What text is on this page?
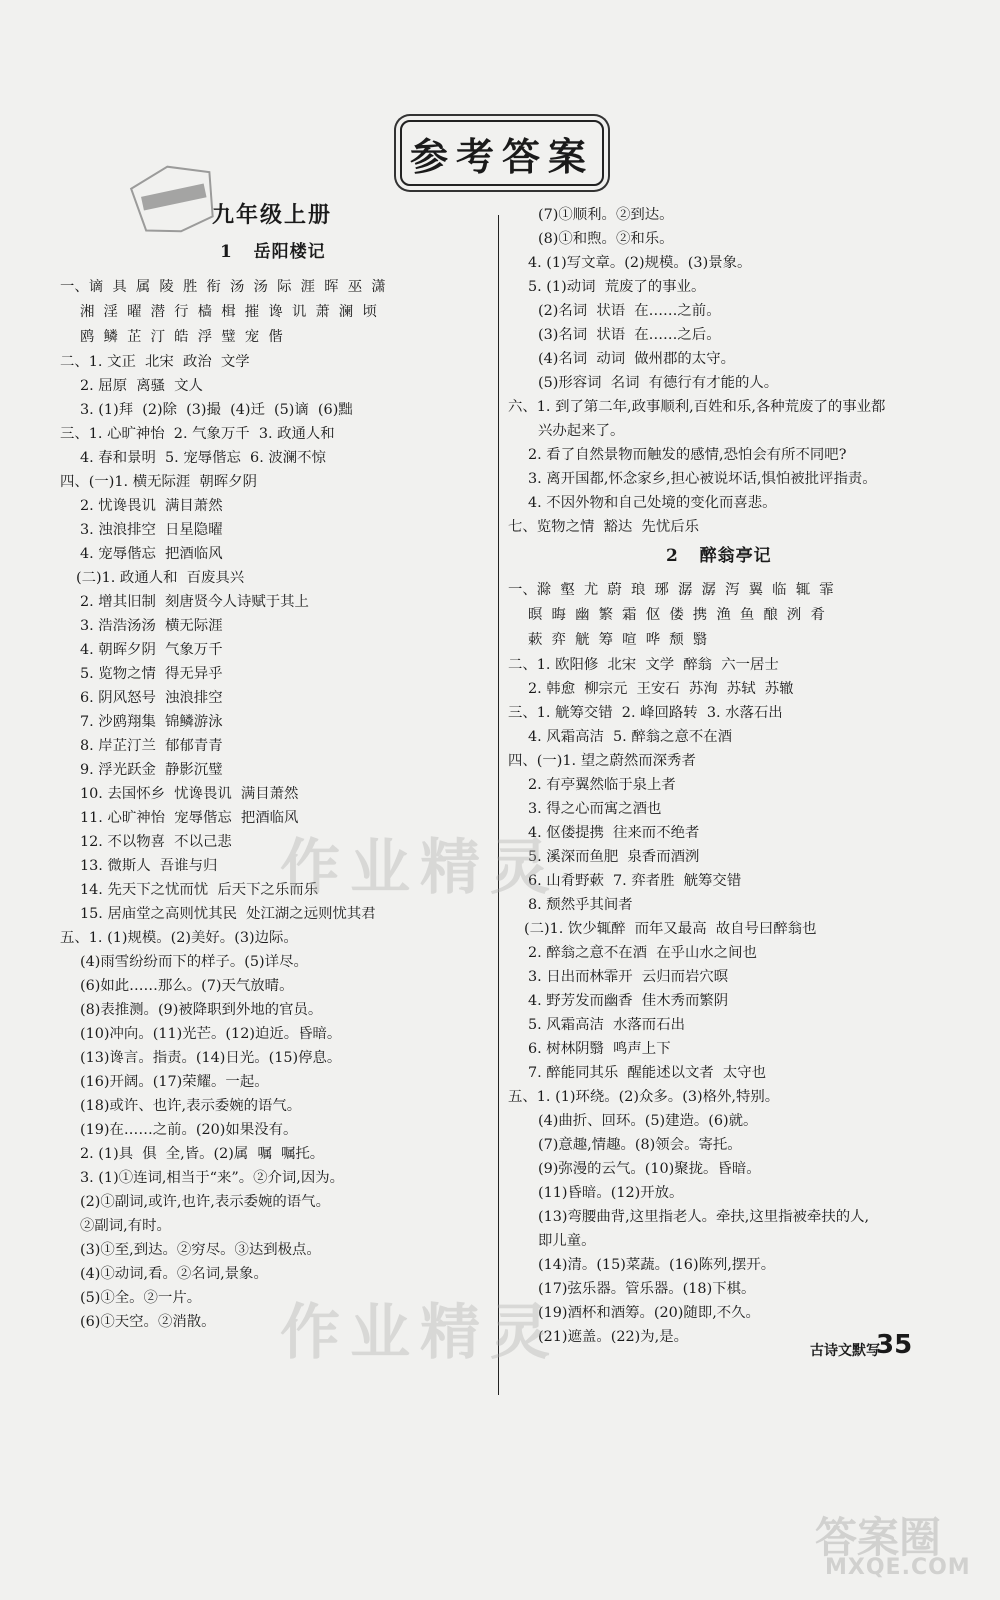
参考答案
九年级上册
1   岳阳楼记
一、谪  具  属  陵  胜  衔  汤  汤  际  涯  晖  巫  潇
湘  淫  曜  潜  行  樯  楫  摧  谗  讥  萧  澜  顷
鸥  鳞  芷  汀  皓  浮  璧  宠  偕
二、1. 文正  北宋  政治  文学
2. 屈原  离骚  文人
3. (1)拜  (2)除  (3)撮  (4)迁  (5)谪  (6)黜
三、1. 心旷神怡  2. 气象万千  3. 政通人和
4. 春和景明  5. 宠辱偕忘  6. 波澜不惊
四、(一)1. 横无际涯  朝晖夕阴
2. 忧谗畏讥  满目萧然
3. 浊浪排空  日星隐曜
4. 宠辱偕忘  把酒临风
(二)1. 政通人和  百废具兴
2. 增其旧制  刻唐贤今人诗赋于其上
3. 浩浩汤汤  横无际涯
4. 朝晖夕阴  气象万千
5. 览物之情  得无异乎
6. 阴风怒号  浊浪排空
7. 沙鸥翔集  锦鳞游泳
8. 岸芷汀兰  郁郁青青
9. 浮光跃金  静影沉璧
10. 去国怀乡  忧谗畏讥  满目萧然
11. 心旷神怡  宠辱偕忘  把酒临风
12. 不以物喜  不以己悲
13. 微斯人  吾谁与归
14. 先天下之忧而忧  后天下之乐而乐
15. 居庙堂之高则忧其民  处江湖之远则忧其君
五、1. (1)规模。(2)美好。(3)边际。
(4)雨雪纷纷而下的样子。(5)详尽。
(6)如此……那么。(7)天气放晴。
(8)表推测。(9)被降职到外地的官员。
(10)冲向。(11)光芒。(12)迫近。昏暗。
(13)谗言。指责。(14)日光。(15)停息。
(16)开阔。(17)荣耀。一起。
(18)或许、也许,表示委婉的语气。
(19)在……之前。(20)如果没有。
2. (1)具  俱  全,皆。(2)属  嘱  嘱托。
3. (1)①连词,相当于“来”。②介词,因为。
(2)①副词,或许,也许,表示委婉的语气。
②副词,有时。
(3)①至,到达。②穷尽。③达到极点。
(4)①动词,看。②名词,景象。
(5)①全。②一片。
(6)①天空。②消散。
(7)①顺利。②到达。
(8)①和煦。②和乐。
4. (1)写文章。(2)规模。(3)景象。
5. (1)动词  荒废了的事业。
(2)名词  状语  在……之前。
(3)名词  状语  在……之后。
(4)名词  动词  做州郡的太守。
(5)形容词  名词  有德行有才能的人。
六、1. 到了第二年,政事顺利,百姓和乐,各种荒废了的事业都
兴办起来了。
2. 看了自然景物而触发的感情,恐怕会有所不同吧?
3. 离开国都,怀念家乡,担心被说坏话,惧怕被批评指责。
4. 不因外物和自己处境的变化而喜悲。
七、览物之情  豁达  先忧后乐
2   醉翁亭记
一、滁  壑  尤  蔚  琅  琊  潺  潺  泻  翼  临  辄  霏
暝  晦  幽  繁  霜  伛  偻  携  渔  鱼  酿  洌  肴
蔌  弈  觥  筹  喧  哗  颓  翳
二、1. 欧阳修  北宋  文学  醉翁  六一居士
2. 韩愈  柳宗元  王安石  苏洵  苏轼  苏辙
三、1. 觥筹交错  2. 峰回路转  3. 水落石出
4. 风霜高洁  5. 醉翁之意不在酒
四、(一)1. 望之蔚然而深秀者
2. 有亭翼然临于泉上者
3. 得之心而寓之酒也
4. 伛偻提携  往来而不绝者
5. 溪深而鱼肥  泉香而酒洌
6. 山肴野蔌  7. 弈者胜  觥筹交错
8. 颓然乎其间者
(二)1. 饮少辄醉  而年又最高  故自号曰醉翁也
2. 醉翁之意不在酒  在乎山水之间也
3. 日出而林霏开  云归而岩穴暝
4. 野芳发而幽香  佳木秀而繁阴
5. 风霜高洁  水落而石出
6. 树林阴翳  鸣声上下
7. 醉能同其乐  醒能述以文者  太守也
五、1. (1)环绕。(2)众多。(3)格外,特别。
(4)曲折、回环。(5)建造。(6)就。
(7)意趣,情趣。(8)领会。寄托。
(9)弥漫的云气。(10)聚拢。昏暗。
(11)昏暗。(12)开放。
(13)弯腰曲背,这里指老人。牵扶,这里指被牵扶的人,
即儿童。
(14)清。(15)菜蔬。(16)陈列,摆开。
(17)弦乐器。管乐器。(18)下棋。
(19)酒杯和酒筹。(20)随即,不久。
(21)遮盖。(22)为,是。
作业精灵
作业精灵	古诗文默写
35
答案圈
MXQE.COM
